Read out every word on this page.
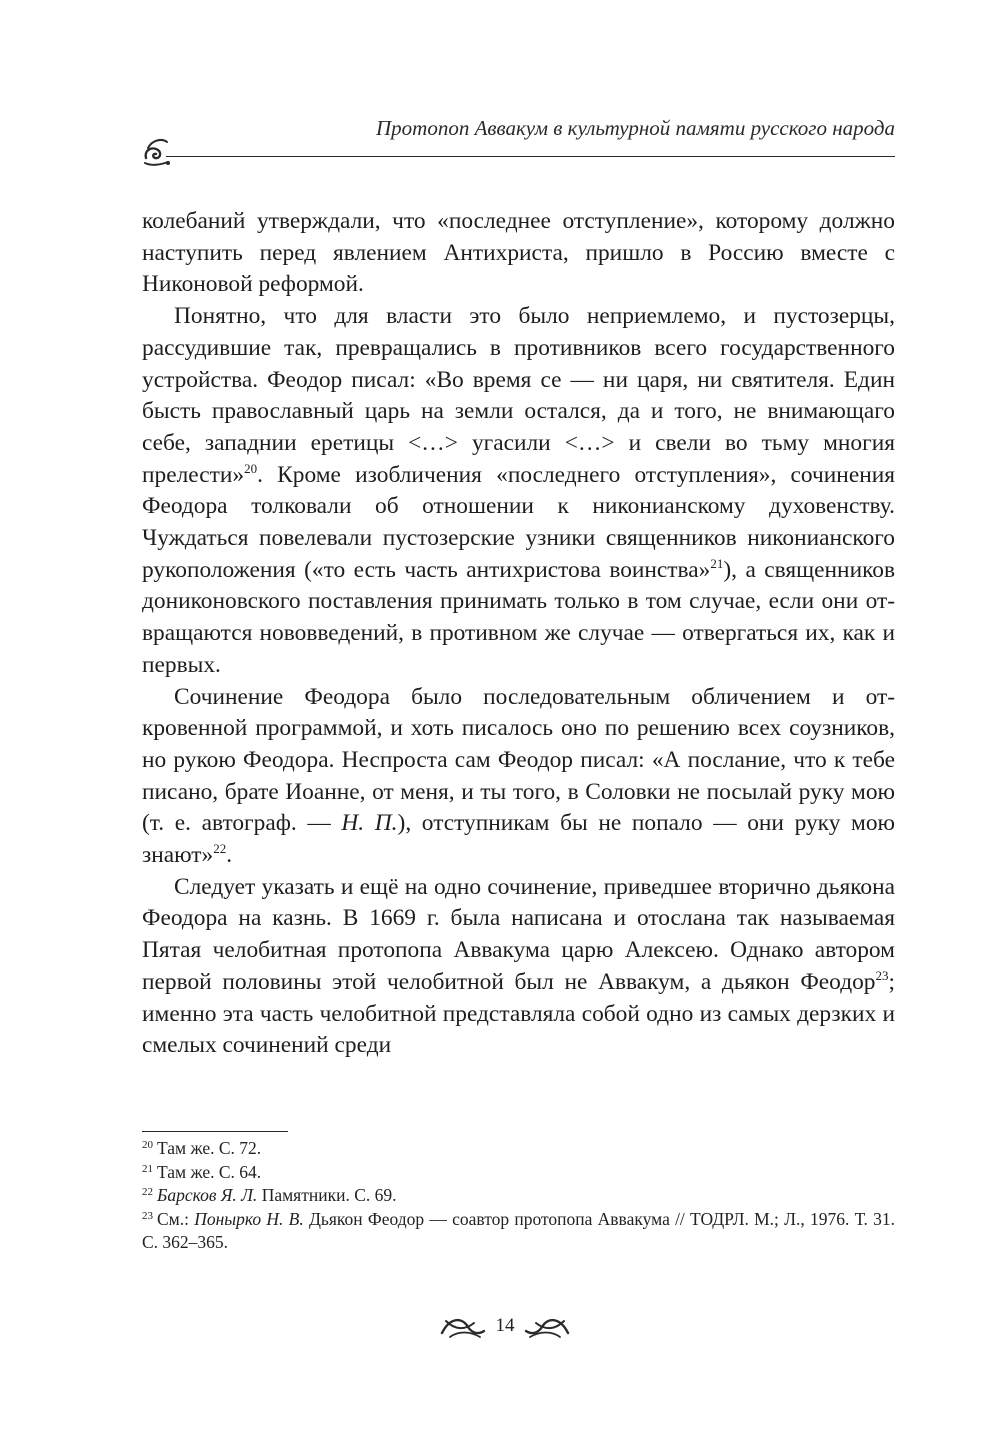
Протопоп Аввакум в культурной памяти русского народа

колебаний утверждали, что «последнее отступление», которому должно наступить перед явлением Антихриста, пришло в Россию вместе с Никоновой реформой.

Понятно, что для власти это было неприемлемо, и пустозерцы, рассудившие так, превращались в противников всего государственного устройства. Феодор писал: «Во время се — ни царя, ни святителя. Един бысть православный царь на земли остался, да и того, не внимающаго себе, западнии еретицы <…> угасили <…> и свели во тьму многия прелести»$^{20}$. Кроме изобличения «последнего отступления», сочинения Феодора толковали об отношении к никонианскому духовенству. Чуждаться повелевали пустозерские узники священников никонианского рукоположения («то есть часть антихристова воинства»$^{21}$), а священников дониконовского поставления принимать только в том случае, если они отвращаются нововведений, в противном же случае — отвергаться их, как и первых.

Сочинение Феодора было последовательным обличением и откровенной программой, и хоть писалось оно по решению всех соузников, но рукою Феодора. Неспроста сам Феодор писал: «А послание, что к тебе писано, брате Иоанне, от меня, и ты того, в Соловки не посылай руку мою (т. е. автограф. — Н. П.), отступникам бы не попало — они руку мою знают»$^{22}$.

Следует указать и ещё на одно сочинение, приведшее вторично дьякона Феодора на казнь. В 1669 г. была написана и отослана так называемая Пятая челобитная протопопа Аввакума царю Алексею. Однако автором первой половины этой челобитной был не Аввакум, а дьякон Феодор$^{23}$; именно эта часть челобитной представляла собой одно из самых дерзких и смелых сочинений среди

$^{20}$ Там же. С. 72.

$^{21}$ Там же. С. 64.

$^{22}$ Барсков Я. Л. Памятники. С. 69.

$^{23}$ См.: Понырко Н. В. Дьякон Феодор — соавтор протопопа Аввакума // ТОДРЛ. М.; Л., 1976. Т. 31. С. 362–365.

14
